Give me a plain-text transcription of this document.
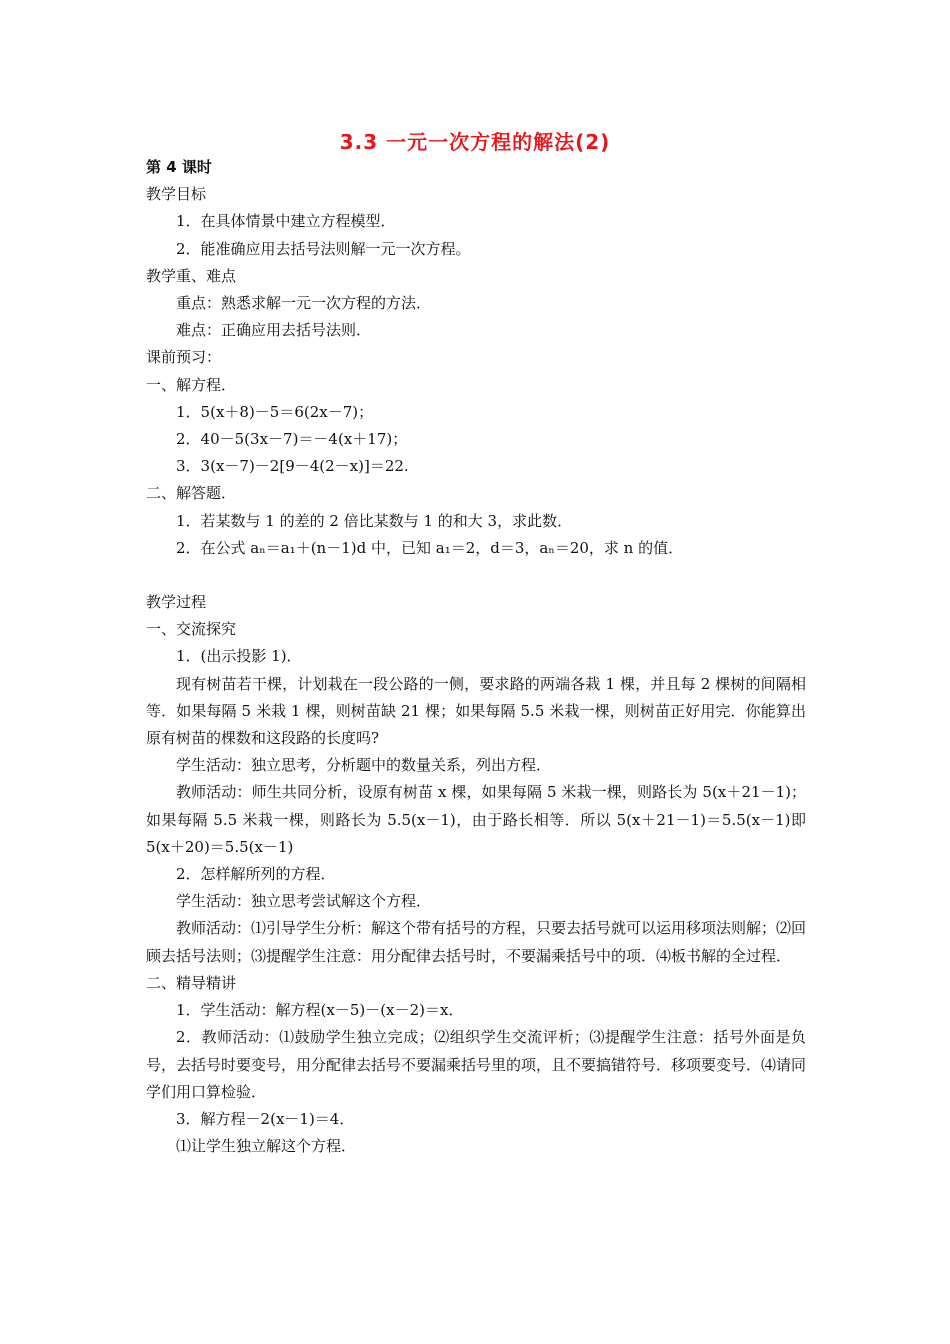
3.3 一元一次方程的解法(2)
第 4 课时
教学目标
1．在具体情景中建立方程模型．
2．能准确应用去括号法则解一元一次方程。
教学重、难点
重点：熟悉求解一元一次方程的方法．
难点：正确应用去括号法则．
课前预习：
一、解方程．
1．5(x＋8)－5＝6(2x－7)；
2．40－5(3x－7)＝－4(x＋17)；
3．3(x－7)－2[9－4(2－x)]＝22.
二、解答题．
1．若某数与 1 的差的 2 倍比某数与 1 的和大 3，求此数．
2．在公式 aₙ＝a₁＋(n－1)d 中，已知 a₁＝2，d＝3，aₙ＝20，求 n 的值．
教学过程
一、交流探究
1．(出示投影 1)．
现有树苗若干棵，计划栽在一段公路的一侧，要求路的两端各栽 1 棵，并且每 2 棵树的间隔相等．如果每隔 5 米栽 1 棵，则树苗缺 21 棵；如果每隔 5.5 米栽一棵，则树苗正好用完．你能算出原有树苗的棵数和这段路的长度吗?
学生活动：独立思考，分析题中的数量关系，列出方程．
教师活动：师生共同分析，设原有树苗 x 棵，如果每隔 5 米栽一棵，则路长为 5(x＋21－1)；如果每隔 5.5 米栽一棵，则路长为 5.5(x－1)，由于路长相等．所以 5(x＋21－1)＝5.5(x－1)即 5(x＋20)＝5.5(x－1)
2．怎样解所列的方程．
学生活动：独立思考尝试解这个方程．
教师活动：⑴引导学生分析：解这个带有括号的方程，只要去括号就可以运用移项法则解；⑵回顾去括号法则；⑶提醒学生注意：用分配律去括号时，不要漏乘括号中的项．⑷板书解的全过程．
二、精导精讲
1．学生活动：解方程(x－5)－(x－2)＝x．
2．教师活动：⑴鼓励学生独立完成；⑵组织学生交流评析；⑶提醒学生注意：括号外面是负号，去括号时要变号，用分配律去括号不要漏乘括号里的项，且不要搞错符号．移项要变号．⑷请同学们用口算检验．
3．解方程－2(x－1)＝4．
⑴让学生独立解这个方程．
